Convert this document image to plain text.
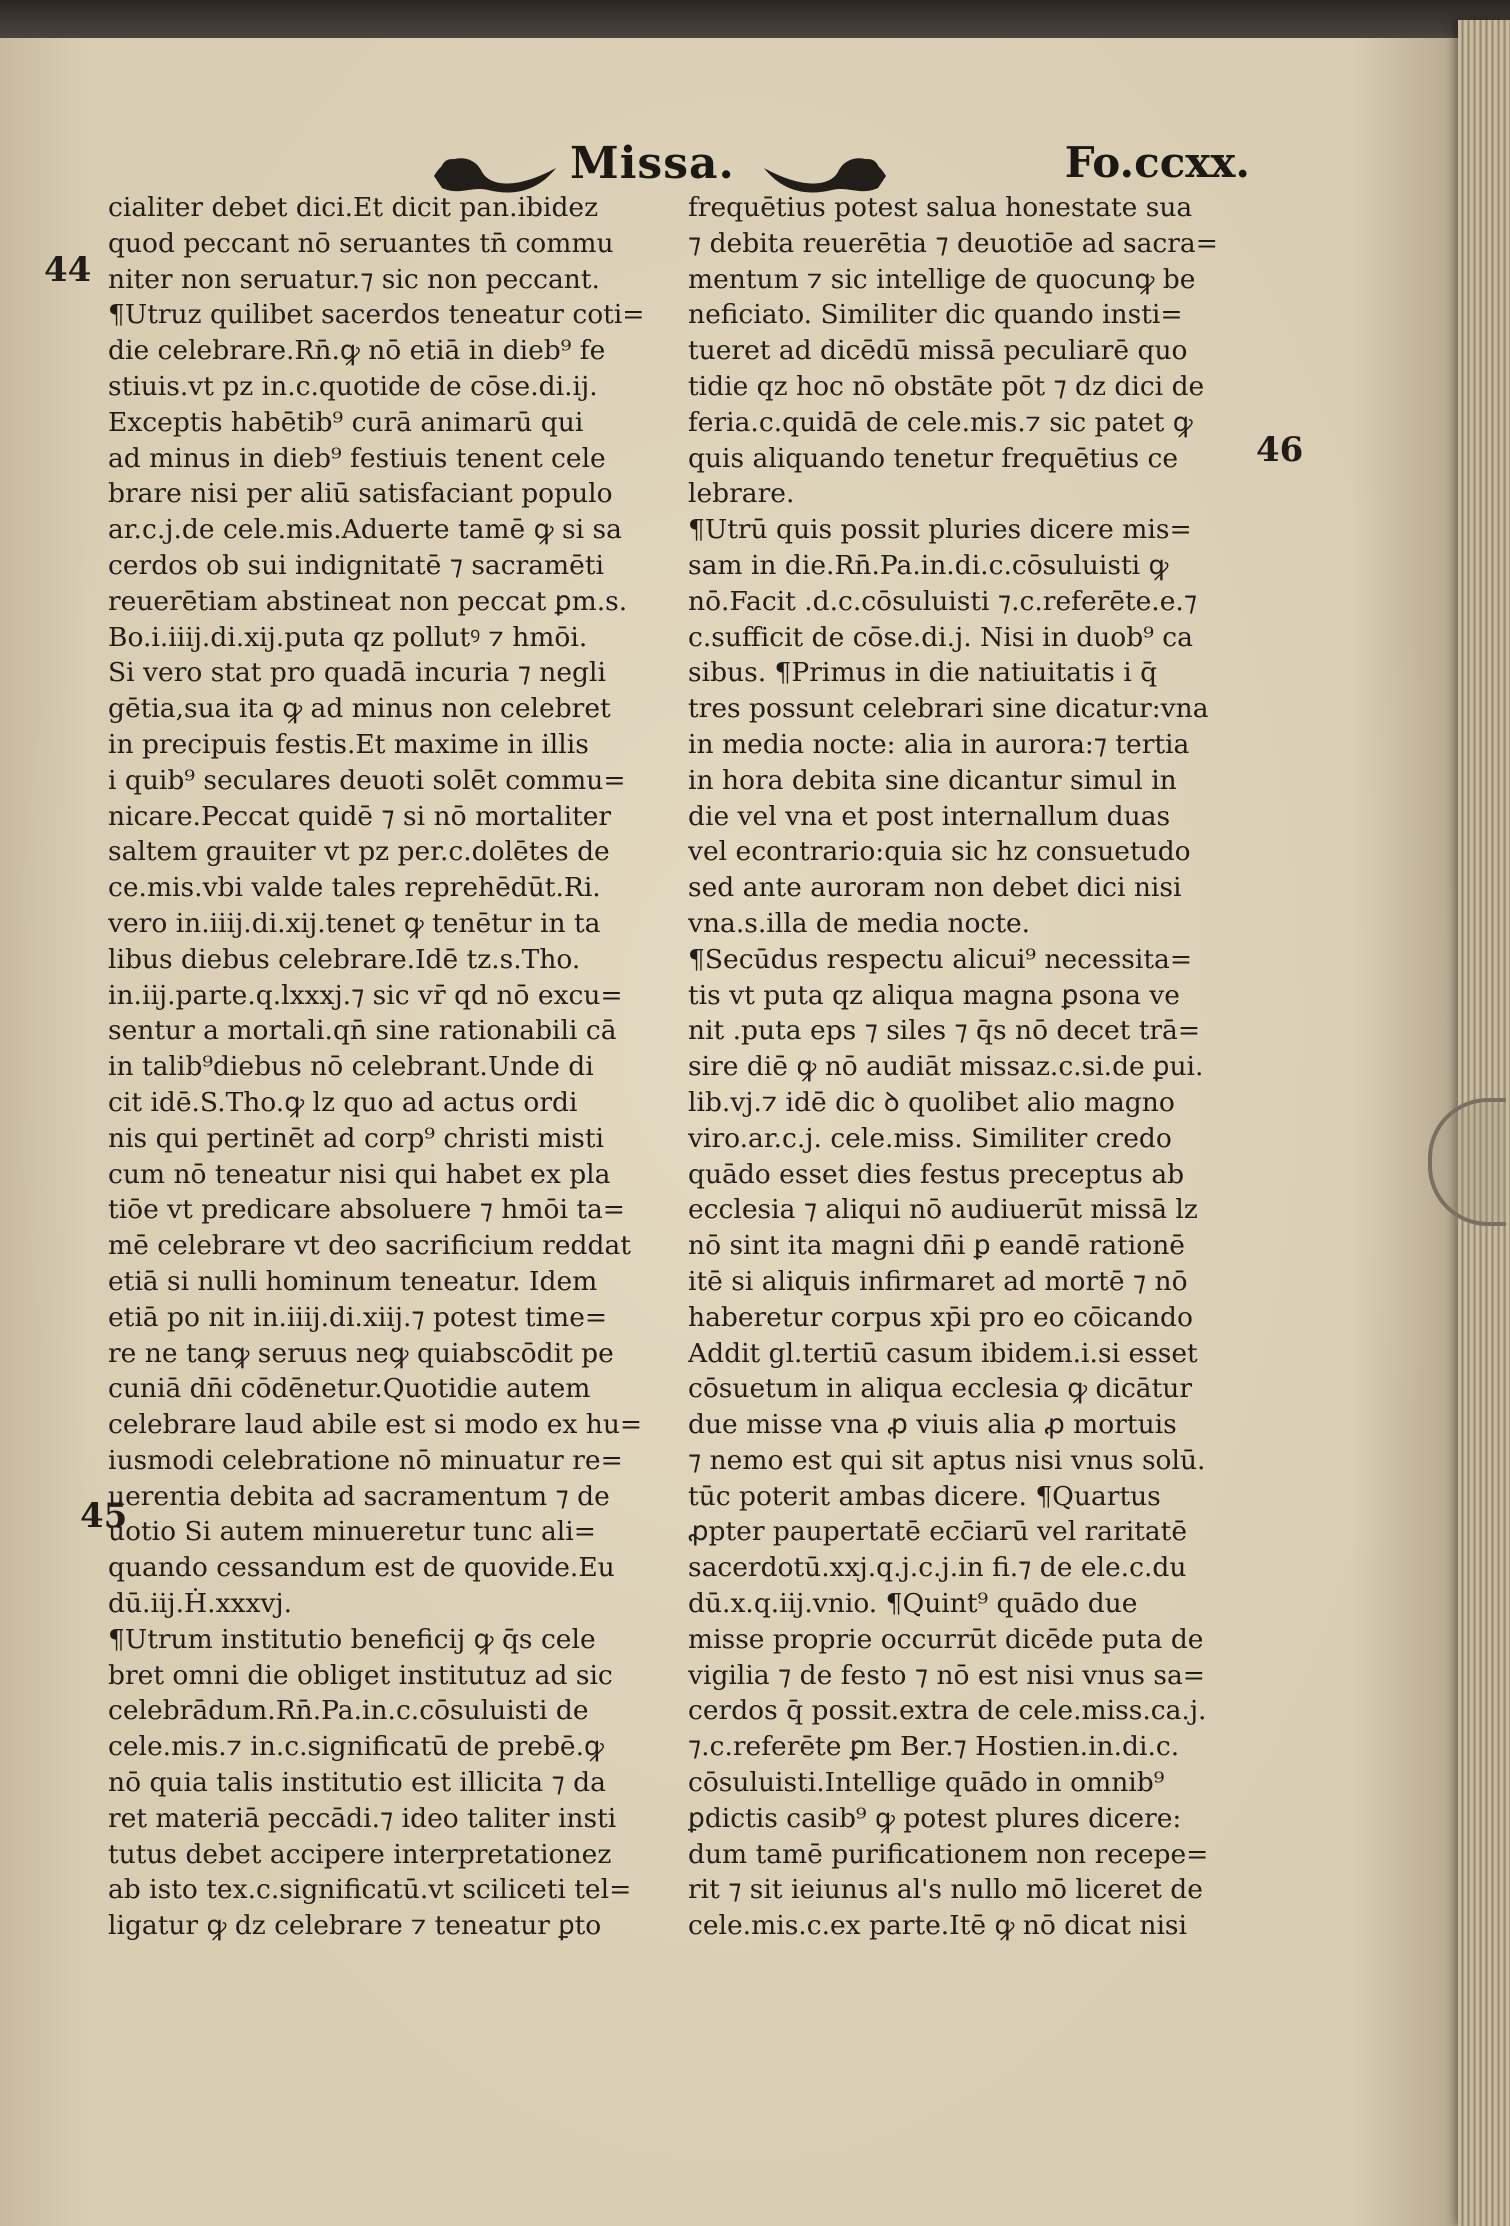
Missa.	Fo.ccxx.
44
46
45
cialiter debet dici.Et dicit pan.ibidez
quod peccant nō seruantes tn̄ commu
niter non seruatur.⁊ sic non peccant.
¶Utruz quilibet sacerdos teneatur coti=
die celebrare.Rn̄.ꝙ nō etiā in dieb⁹ fe
stiuis.vt pz in.c.quotide de cōse.di.ij.
Exceptis habētib⁹ curā animarū qui
ad minus in dieb⁹ festiuis tenent cele
brare nisi per aliū satisfaciant populo
ar.c.j.de cele.mis.Aduerte tamē ꝙ si sa
cerdos ob sui indignitatē ⁊ sacramēti
reuerētiam abstineat non peccat ꝑm.s.
Bo.i.iiij.di.xij.puta qz pollutꝰ ⁊ hmōi.
Si vero stat pro quadā incuria ⁊ negli
gētia,sua ita ꝙ ad minus non celebret
in precipuis festis.Et maxime in illis
i quib⁹ seculares deuoti solēt commu=
nicare.Peccat quidē ⁊ si nō mortaliter
saltem grauiter vt pz per.c.dolētes de
ce.mis.vbi valde tales reprehēdūt.Ri.
vero in.iiij.di.xij.tenet ꝙ tenētur in ta
libus diebus celebrare.Idē tz.s.Tho.
in.iij.parte.q.lxxxj.⁊ sic vr̄ qd nō excu=
sentur a mortali.qn̄ sine rationabili cā
in talib⁹diebus nō celebrant.Unde di
cit idē.S.Tho.ꝙ lz quo ad actus ordi
nis qui pertinēt ad corp⁹ christi misti
cum nō teneatur nisi qui habet ex pla
tiōe vt predicare absoluere ⁊ hmōi ta=
mē celebrare vt deo sacrificium reddat
etiā si nulli hominum teneatur. Idem
etiā po nit in.iiij.di.xiij.⁊ potest time=
re ne tanꝙ seruus neꝙ quiabscōdit pe
cuniā dn̄i cōdēnetur.Quotidie autem
celebrare laud abile est si modo ex hu=
iusmodi celebratione nō minuatur re=
uerentia debita ad sacramentum ⁊ de
uotio Si autem minueretur tunc ali=
quando cessandum est de quovide.Eu
dū.iij.Ḣ.xxxvj.
¶Utrum institutio beneficij ꝙ q̄s cele
bret omni die obliget institutuz ad sic
celebrādum.Rn̄.Pa.in.c.cōsuluisti de
cele.mis.⁊ in.c.significatū de prebē.ꝙ
nō quia talis institutio est illicita ⁊ da
ret materiā peccādi.⁊ ideo taliter insti
tutus debet accipere interpretationez
ab isto tex.c.significatū.vt sciliceti tel=
ligatur ꝙ dz celebrare ⁊ teneatur ꝑto
frequētius potest salua honestate sua
⁊ debita reuerētia ⁊ deuotiōe ad sacra=
mentum ⁊ sic intellige de quocunꝙ be
neficiato. Similiter dic quando insti=
tueret ad dicēdū missā peculiarē quo
tidie qz hoc nō obstāte pōt ⁊ dz dici de
feria.c.quidā de cele.mis.⁊ sic patet ꝙ
quis aliquando tenetur frequētius ce
lebrare.
¶Utrū quis possit pluries dicere mis=
sam in die.Rn̄.Pa.in.di.c.cōsuluisti ꝙ
nō.Facit .d.c.cōsuluisti ⁊.c.referēte.e.⁊
c.sufficit de cōse.di.j. Nisi in duob⁹ ca
sibus. ¶Primus in die natiuitatis i q̄
tres possunt celebrari sine dicatur:vna
in media nocte: alia in aurora:⁊ tertia
in hora debita sine dicantur simul in
die vel vna et post internallum duas
vel econtrario:quia sic hz consuetudo
sed ante auroram non debet dici nisi
vna.s.illa de media nocte.
¶Secūdus respectu alicui⁹ necessita=
tis vt puta qz aliqua magna ꝑsona ve
nit .puta eps ⁊ siles ⁊ q̄s nō decet trā=
sire diē ꝙ nō audiāt missaz.c.si.de ꝑui.
lib.vj.⁊ idē dic ꝺ quolibet alio magno
viro.ar.c.j. cele.miss. Similiter credo
quādo esset dies festus preceptus ab
ecclesia ⁊ aliqui nō audiuerūt missā lz
nō sint ita magni dn̄i ꝑ eandē rationē
itē si aliquis infirmaret ad mortē ⁊ nō
haberetur corpus xp̄i pro eo cōicando
Addit gl.tertiū casum ibidem.i.si esset
cōsuetum in aliqua ecclesia ꝙ dicātur
due misse vna ꝓ viuis alia ꝓ mortuis
⁊ nemo est qui sit aptus nisi vnus solū.
tūc poterit ambas dicere. ¶Quartus
ꝓpter paupertatē ecc̄iarū vel raritatē
sacerdotū.xxj.q.j.c.j.in fi.⁊ de ele.c.du
dū.x.q.iij.vnio. ¶Quint⁹ quādo due
misse proprie occurrūt dicēde puta de
vigilia ⁊ de festo ⁊ nō est nisi vnus sa=
cerdos q̄ possit.extra de cele.miss.ca.j.
⁊.c.referēte ꝑm Ber.⁊ Hostien.in.di.c.
cōsuluisti.Intellige quādo in omnib⁹
ꝑdictis casib⁹ ꝙ potest plures dicere:
dum tamē purificationem non recepe=
rit ⁊ sit ieiunus al's nullo mō liceret de
cele.mis.c.ex parte.Itē ꝙ nō dicat nisi
